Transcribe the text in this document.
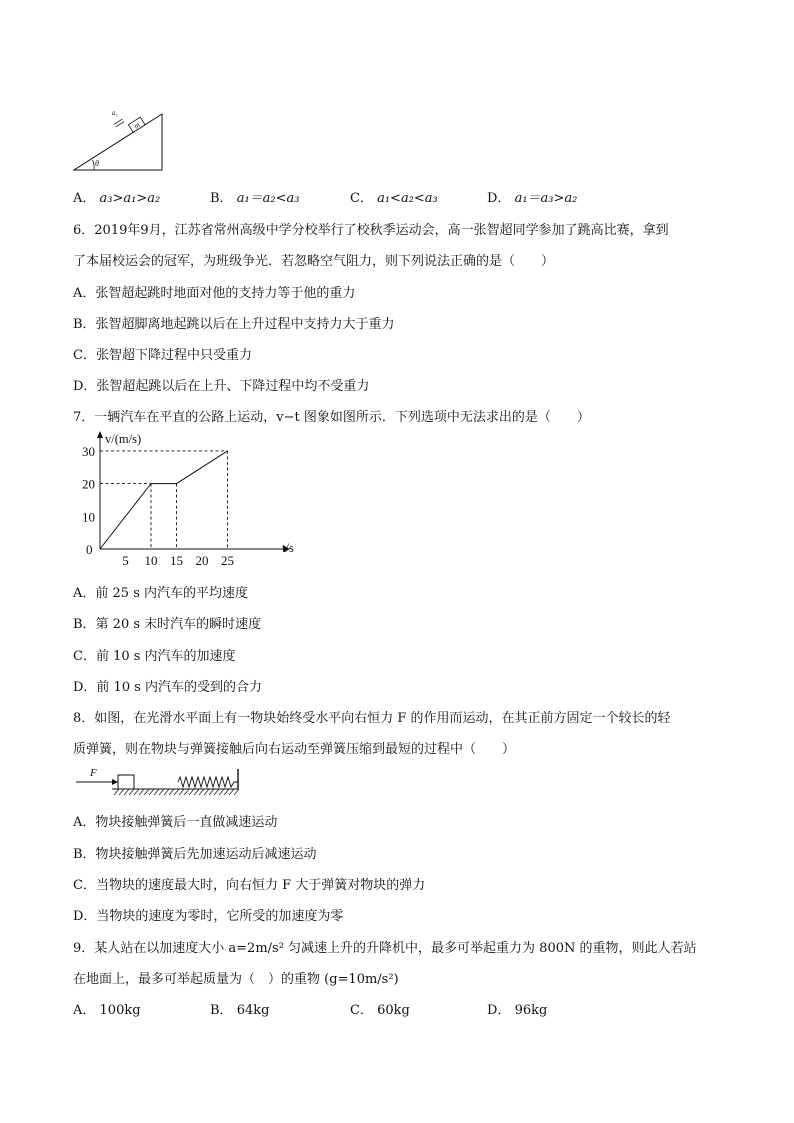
θ
m
a₁
A． a₃>a₁>a₂	B． a₁＝a₂<a₃	C． a₁<a₂<a₃	D． a₁＝a₃>a₂
6．2019年9月，江苏省常州高级中学分校举行了校秋季运动会，高一张智超同学参加了跳高比赛，拿到
了本届校运会的冠军，为班级争光．若忽略空气阻力，则下列说法正确的是（　　）
A．张智超起跳时地面对他的支持力等于他的重力
B．张智超脚离地起跳以后在上升过程中支持力大于重力
C．张智超下降过程中只受重力
D．张智超起跳以后在上升、下降过程中均不受重力
7．一辆汽车在平直的公路上运动，v−t 图象如图所示．下列选项中无法求出的是（　　）
v/(m/s)
t/s
0
5 10 15 20 25
10
20
30
A．前 25 s 内汽车的平均速度
B．第 20 s 末时汽车的瞬时速度
C．前 10 s 内汽车的加速度
D．前 10 s 内汽车的受到的合力
8．如图，在光滑水平面上有一物块始终受水平向右恒力 F 的作用而运动，在其正前方固定一个较长的轻
质弹簧，则在物块与弹簧接触后向右运动至弹簧压缩到最短的过程中（　　）
F
A．物块接触弹簧后一直做减速运动
B．物块接触弹簧后先加速运动后减速运动
C．当物块的速度最大时，向右恒力 F 大于弹簧对物块的弹力
D．当物块的速度为零时，它所受的加速度为零
9．某人站在以加速度大小 a=2m/s² 匀减速上升的升降机中，最多可举起重力为 800N 的重物，则此人若站
在地面上，最多可举起质量为（　）的重物 (g=10m/s²)
A． 100kg	B． 64kg	C． 60kg	D． 96kg
